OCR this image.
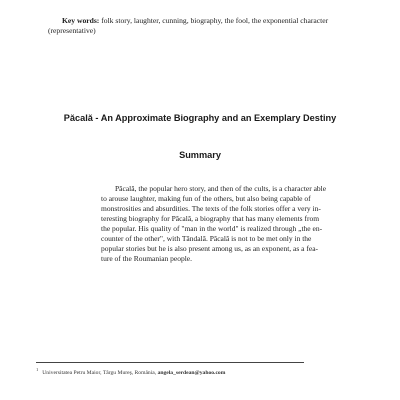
Key words: folk story, laughter, cunning, biography, the fool, the exponential character
(representative)
Păcală - An Approximate Biography and an Exemplary Destiny
Summary
Păcală, the popular hero story, and then of the cults, is a character able
to arouse laughter, making fun of the others, but also being capable of
monstrosities and absurdities. The texts of the folk stories offer a very in-
teresting biography for Păcală, a biography that has many elements from
the popular. His quality of "man in the world" is realized through „the en-
counter of the other", with Tândală. Păcală is not to be met only in the
popular stories but he is also present among us, as an exponent, as a fea-
ture of the Roumanian people.
$^1$Universitatea Petru Maior, Târgu Mureş, România, angela_serdean@yahoo.com
